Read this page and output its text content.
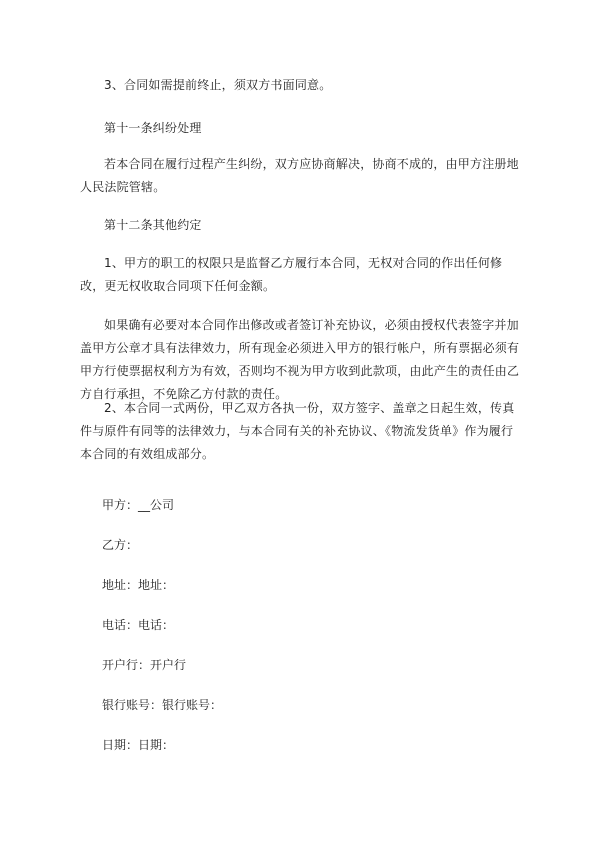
3、合同如需提前终止，须双方书面同意。

第十一条纠纷处理

若本合同在履行过程产生纠纷，双方应协商解决，协商不成的，由甲方注册地人民法院管辖。

第十二条其他约定

1、甲方的职工的权限只是监督乙方履行本合同，无权对合同的作出任何修改，更无权收取合同项下任何金额。

如果确有必要对本合同作出修改或者签订补充协议，必须由授权代表签字并加盖甲方公章才具有法律效力，所有现金必须进入甲方的银行帐户，所有票据必须有甲方行使票据权利方为有效，否则均不视为甲方收到此款项，由此产生的责任由乙方自行承担，不免除乙方付款的责任。

2、本合同一式两份，甲乙双方各执一份，双方签字、盖章之日起生效，传真件与原件有同等的法律效力，与本合同有关的补充协议、《物流发货单》作为履行本合同的有效组成部分。

甲方：__公司

乙方：

地址：地址：

电话：电话：

开户行：开户行

银行账号：银行账号：

日期：日期：
